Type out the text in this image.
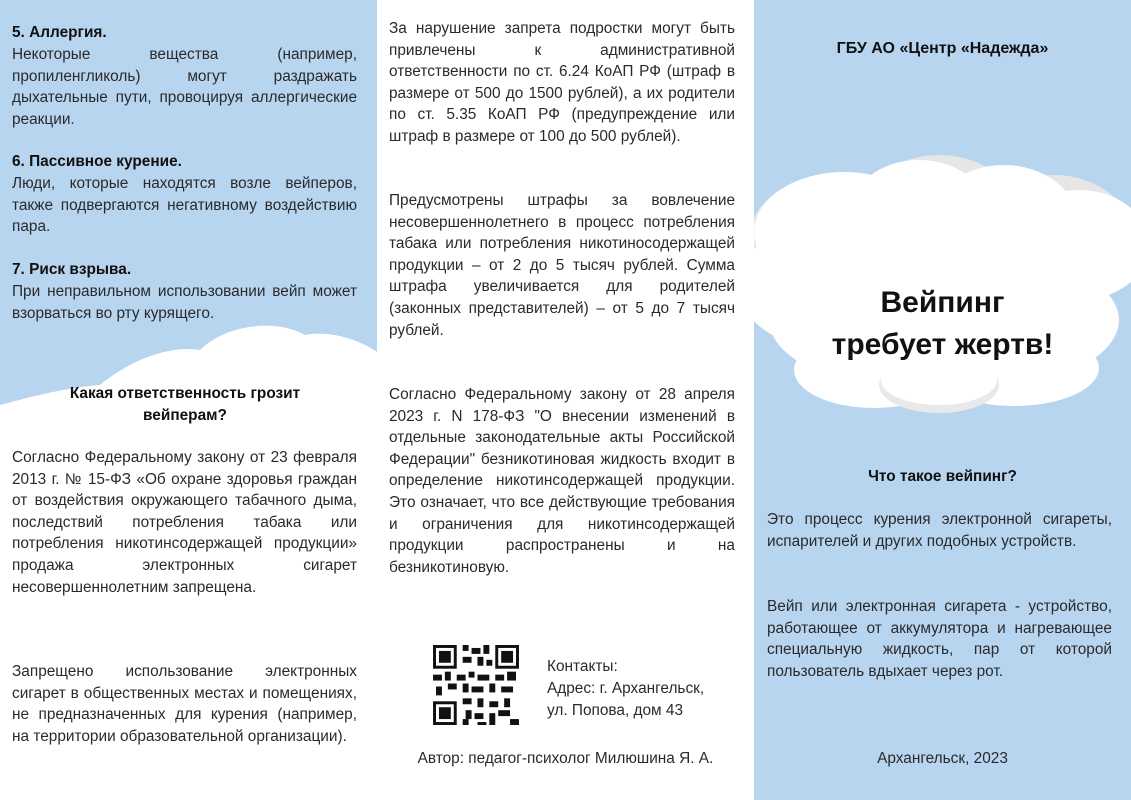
5. Аллергия.
Некоторые вещества (например, пропиленгликоль) могут раздражать дыхательные пути, провоцируя аллергические реакции.
6. Пассивное курение.
Люди, которые находятся возле вейперов, также подвергаются негативному воздействию пара.
7. Риск взрыва.
При неправильном использовании вейп может взорваться во рту курящего.
Какая ответственность грозит вейперам?
Согласно Федеральному закону от 23 февраля 2013 г. № 15-ФЗ «Об охране здоровья граждан от воздействия окружающего табачного дыма, последствий потребления табака или потребления никотинсодержащей продукции» продажа электронных сигарет несовершеннолетним запрещена.
Запрещено использование электронных сигарет в общественных местах и помещениях, не предназначенных для курения (например, на территории образовательной организации).
За нарушение запрета подростки могут быть привлечены к административной ответственности по ст. 6.24 КоАП РФ (штраф в размере от 500 до 1500 рублей), а их родители по ст. 5.35 КоАП РФ (предупреждение или штраф в размере от 100 до 500 рублей).
Предусмотрены штрафы за вовлечение несовершеннолетнего в процесс потребления табака или потребления никотиносодержащей продукции – от 2 до 5 тысяч рублей. Сумма штрафа увеличивается для родителей (законных представителей) – от 5 до 7 тысяч рублей.
Согласно Федеральному закону от 28 апреля 2023 г. N 178-ФЗ "О внесении изменений в отдельные законодательные акты Российской Федерации" безникотиновая жидкость входит в определение никотинсодержащей продукции. Это означает, что все действующие требования и ограничения для никотинсодержащей продукции распространены и на безникотиновую.
Контакты:
Адрес: г. Архангельск,
ул. Попова, дом 43
Автор: педагог-психолог Милюшина Я. А.
Что такое вейпинг?
Это процесс курения электронной сигареты, испарителей и других подобных устройств.
Вейп или электронная сигарета - устройство, работающее от аккумулятора и нагревающее специальную жидкость, пар от которой пользователь вдыхает через рот.
ГБУ АО «Центр «Надежда»
Вейпинг
требует жертв!
Архангельск, 2023
